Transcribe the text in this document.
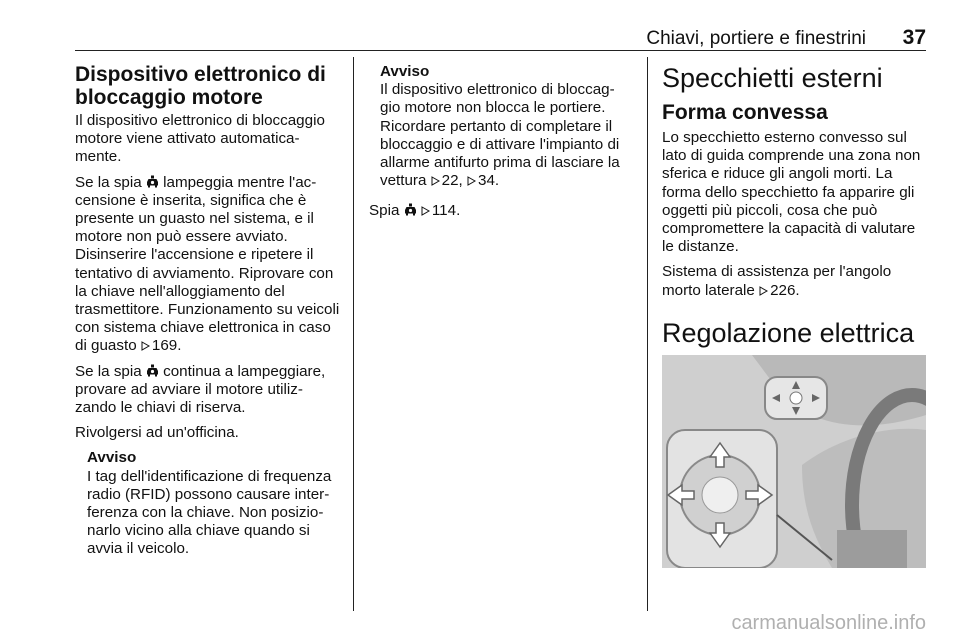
Chiavi, portiere e finestrini 37
Dispositivo elettronico di bloccaggio motore

Il dispositivo elettronico di bloccaggio motore viene attivato automatica-mente.

Se la spia  lampeggia mentre l'ac-censione è inserita, significa che è presente un guasto nel sistema, e il motore non può essere avviato. Disinserire l'accensione e ripetere il tentativo di avviamento. Riprovare con la chiave nell'alloggiamento del trasmettitore. Funzionamento su veicoli con sistema chiave elettronica in caso di guasto 169.

Se la spia  continua a lampeggiare, provare ad avviare il motore utiliz-zando le chiavi di riserva.

Rivolgersi ad un'officina.

Avviso
I tag dell'identificazione di frequenza radio (RFID) possono causare inter-ferenza con la chiave. Non posizio-narlo vicino alla chiave quando si avvia il veicolo.
Avviso
Il dispositivo elettronico di bloccag-gio motore non blocca le portiere. Ricordare pertanto di completare il bloccaggio e di attivare l'impianto di allarme antifurto prima di lasciare la vettura 22, 34.

Spia  114.

Specchietti esterni
Forma convessa

Lo specchietto esterno convesso sul lato di guida comprende una zona non sferica e riduce gli angoli morti. La forma dello specchietto fa apparire gli oggetti più piccoli, cosa che può compromettere la capacità di valutare le distanze.

Sistema di assistenza per l'angolo morto laterale 226.

Regolazione elettrica
carmanualsonline.info
